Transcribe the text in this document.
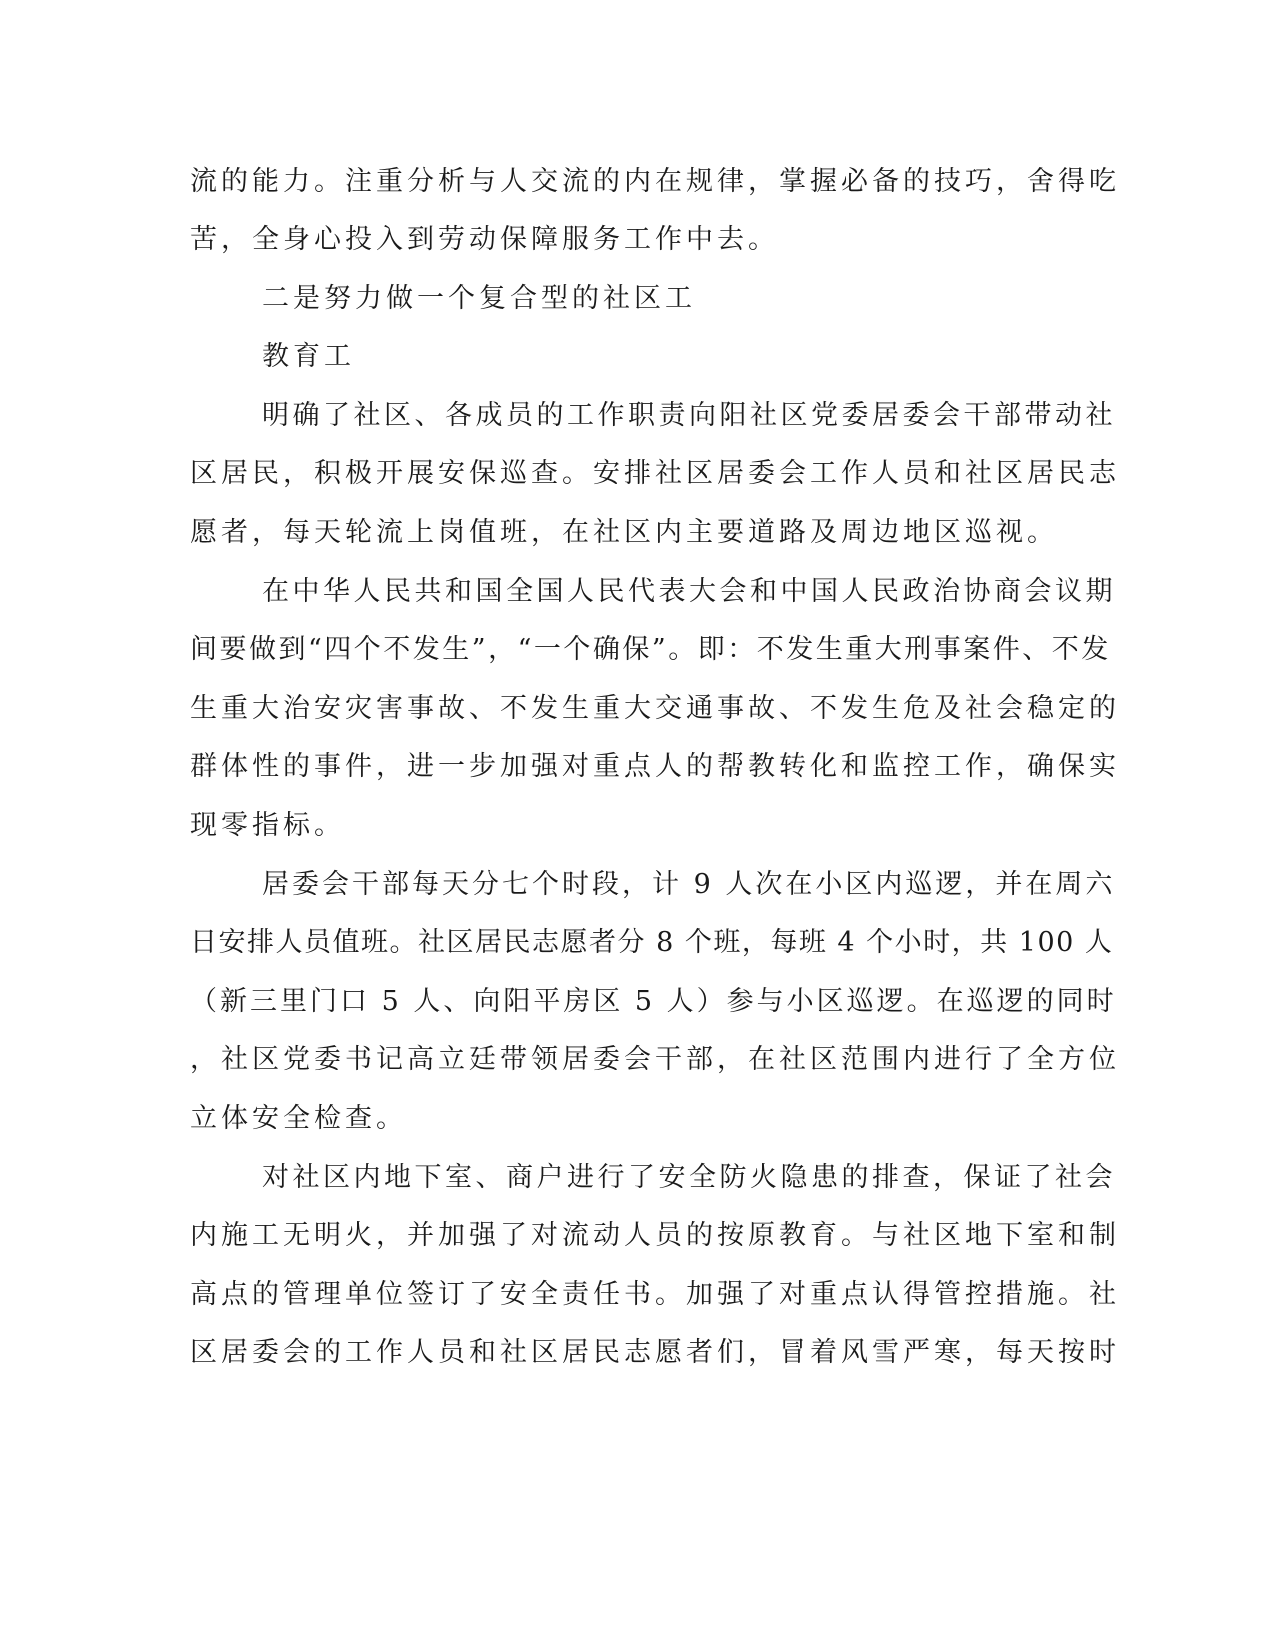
流的能力。注重分析与人交流的内在规律，掌握必备的技巧，舍得吃

苦，全身心投入到劳动保障服务工作中去。

二是努力做一个复合型的社区工

教育工

明确了社区、各成员的工作职责向阳社区党委居委会干部带动社

区居民，积极开展安保巡查。安排社区居委会工作人员和社区居民志

愿者，每天轮流上岗值班，在社区内主要道路及周边地区巡视。

在中华人民共和国全国人民代表大会和中国人民政治协商会议期

间要做到“四个不发生”，“一个确保”。即：不发生重大刑事案件、不发

生重大治安灾害事故、不发生重大交通事故、不发生危及社会稳定的

群体性的事件，进一步加强对重点人的帮教转化和监控工作，确保实

现零指标。

居委会干部每天分七个时段，计 9 人次在小区内巡逻，并在周六

日安排人员值班。社区居民志愿者分 8 个班，每班 4 个小时，共 100 人

（新三里门口 5 人、向阳平房区 5 人）参与小区巡逻。在巡逻的同时

，社区党委书记高立廷带领居委会干部，在社区范围内进行了全方位

立体安全检查。

对社区内地下室、商户进行了安全防火隐患的排查，保证了社会

内施工无明火，并加强了对流动人员的按原教育。与社区地下室和制

高点的管理单位签订了安全责任书。加强了对重点认得管控措施。社

区居委会的工作人员和社区居民志愿者们，冒着风雪严寒，每天按时
